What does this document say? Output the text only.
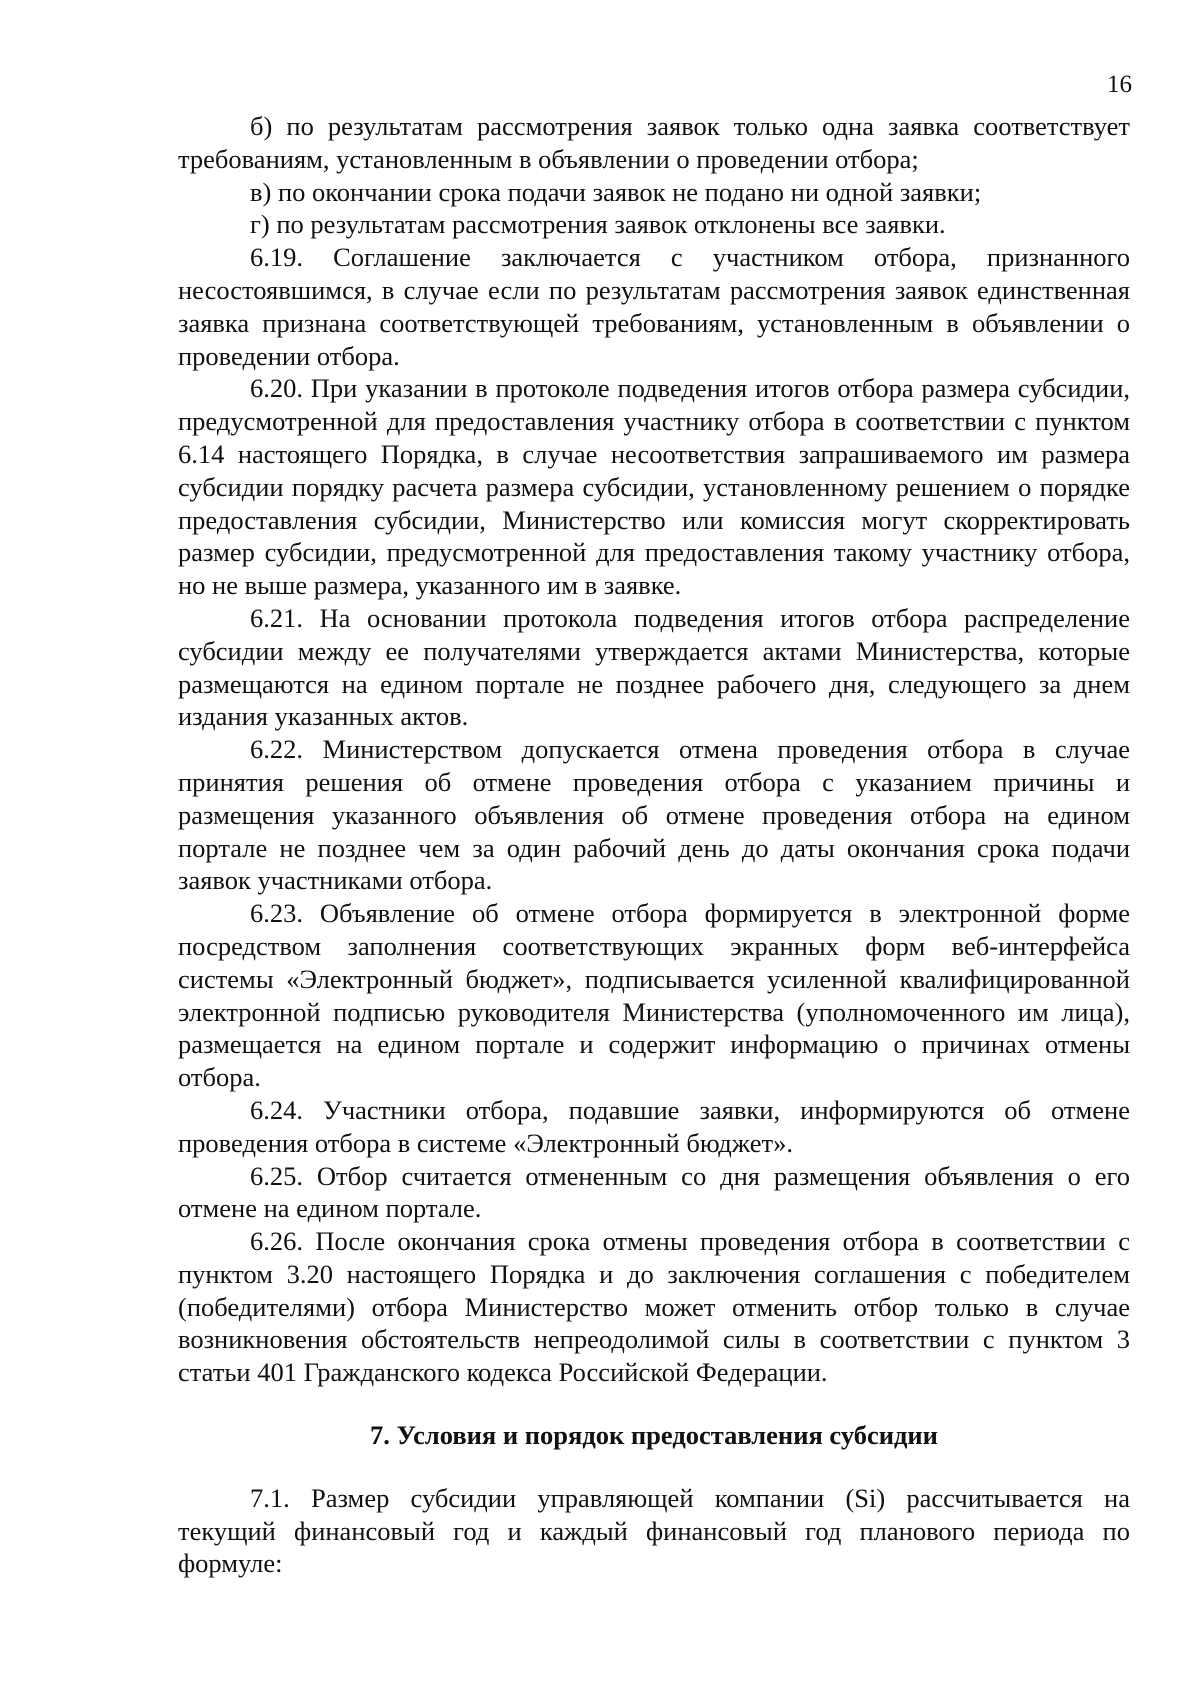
16

б) по результатам рассмотрения заявок только одна заявка соответствует требованиям, установленным в объявлении о проведении отбора;

в) по окончании срока подачи заявок не подано ни одной заявки;

г) по результатам рассмотрения заявок отклонены все заявки.

6.19. Соглашение заключается с участником отбора, признанного несостоявшимся, в случае если по результатам рассмотрения заявок единственная заявка признана соответствующей требованиям, установленным в объявлении о проведении отбора.

6.20. При указании в протоколе подведения итогов отбора размера субсидии, предусмотренной для предоставления участнику отбора в соответствии с пунктом 6.14 настоящего Порядка, в случае несоответствия запрашиваемого им размера субсидии порядку расчета размера субсидии, установленному решением о порядке предоставления субсидии, Министерство или комиссия могут скорректировать размер субсидии, предусмотренной для предоставления такому участнику отбора, но не выше размера, указанного им в заявке.

6.21. На основании протокола подведения итогов отбора распределение субсидии между ее получателями утверждается актами Министерства, которые размещаются на едином портале не позднее рабочего дня, следующего за днем издания указанных актов.

6.22. Министерством допускается отмена проведения отбора в случае принятия решения об отмене проведения отбора с указанием причины и размещения указанного объявления об отмене проведения отбора на едином портале не позднее чем за один рабочий день до даты окончания срока подачи заявок участниками отбора.

6.23. Объявление об отмене отбора формируется в электронной форме посредством заполнения соответствующих экранных форм веб-интерфейса системы «Электронный бюджет», подписывается усиленной квалифицированной электронной подписью руководителя Министерства (уполномоченного им лица), размещается на едином портале и содержит информацию о причинах отмены отбора.

6.24. Участники отбора, подавшие заявки, информируются об отмене проведения отбора в системе «Электронный бюджет».

6.25. Отбор считается отмененным со дня размещения объявления о его отмене на едином портале.

6.26. После окончания срока отмены проведения отбора в соответствии с пунктом 3.20 настоящего Порядка и до заключения соглашения с победителем (победителями) отбора Министерство может отменить отбор только в случае возникновения обстоятельств непреодолимой силы в соответствии с пунктом 3 статьи 401 Гражданского кодекса Российской Федерации.

7. Условия и порядок предоставления субсидии

7.1. Размер субсидии управляющей компании (Si) рассчитывается на текущий финансовый год и каждый финансовый год планового периода по формуле:
